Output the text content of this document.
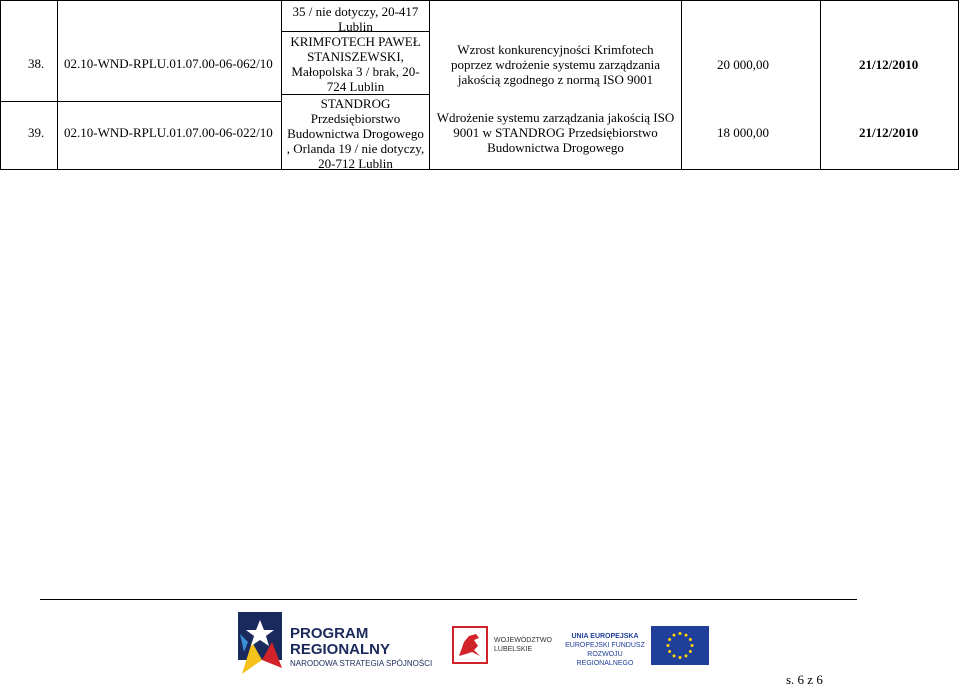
35 / nie dotyczy, 20-417 Lublin
38. 02.10-WND-RPLU.01.07.00-06-062/10
KRIMFOTECH PAWEŁ
STANISZEWSKI,
Małopolska 3 / brak, 20-
724 Lublin
Wzrost konkurencyjności Krimfotech
poprzez wdrożenie systemu zarządzania
jakością zgodnego z normą ISO 9001
20 000,00	21/12/2010
39. 02.10-WND-RPLU.01.07.00-06-022/10
STANDROG
Przedsiębiorstwo
Budownictwa Drogowego
, Orlanda 19 / nie dotyczy,
20-712 Lublin
Wdrożenie systemu zarządzania jakością ISO
9001 w STANDROG Przedsiębiorstwo
Budownictwa Drogowego
18 000,00	21/12/2010
PROGRAM
REGIONALNY
NARODOWA STRATEGIA SPÓJNOŚCI
WOJEWÓDZTWO
LUBELSKIE
UNIA EUROPEJSKA
EUROPEJSKI FUNDUSZ
ROZWOJU REGIONALNEGO
s. 6 z 6
